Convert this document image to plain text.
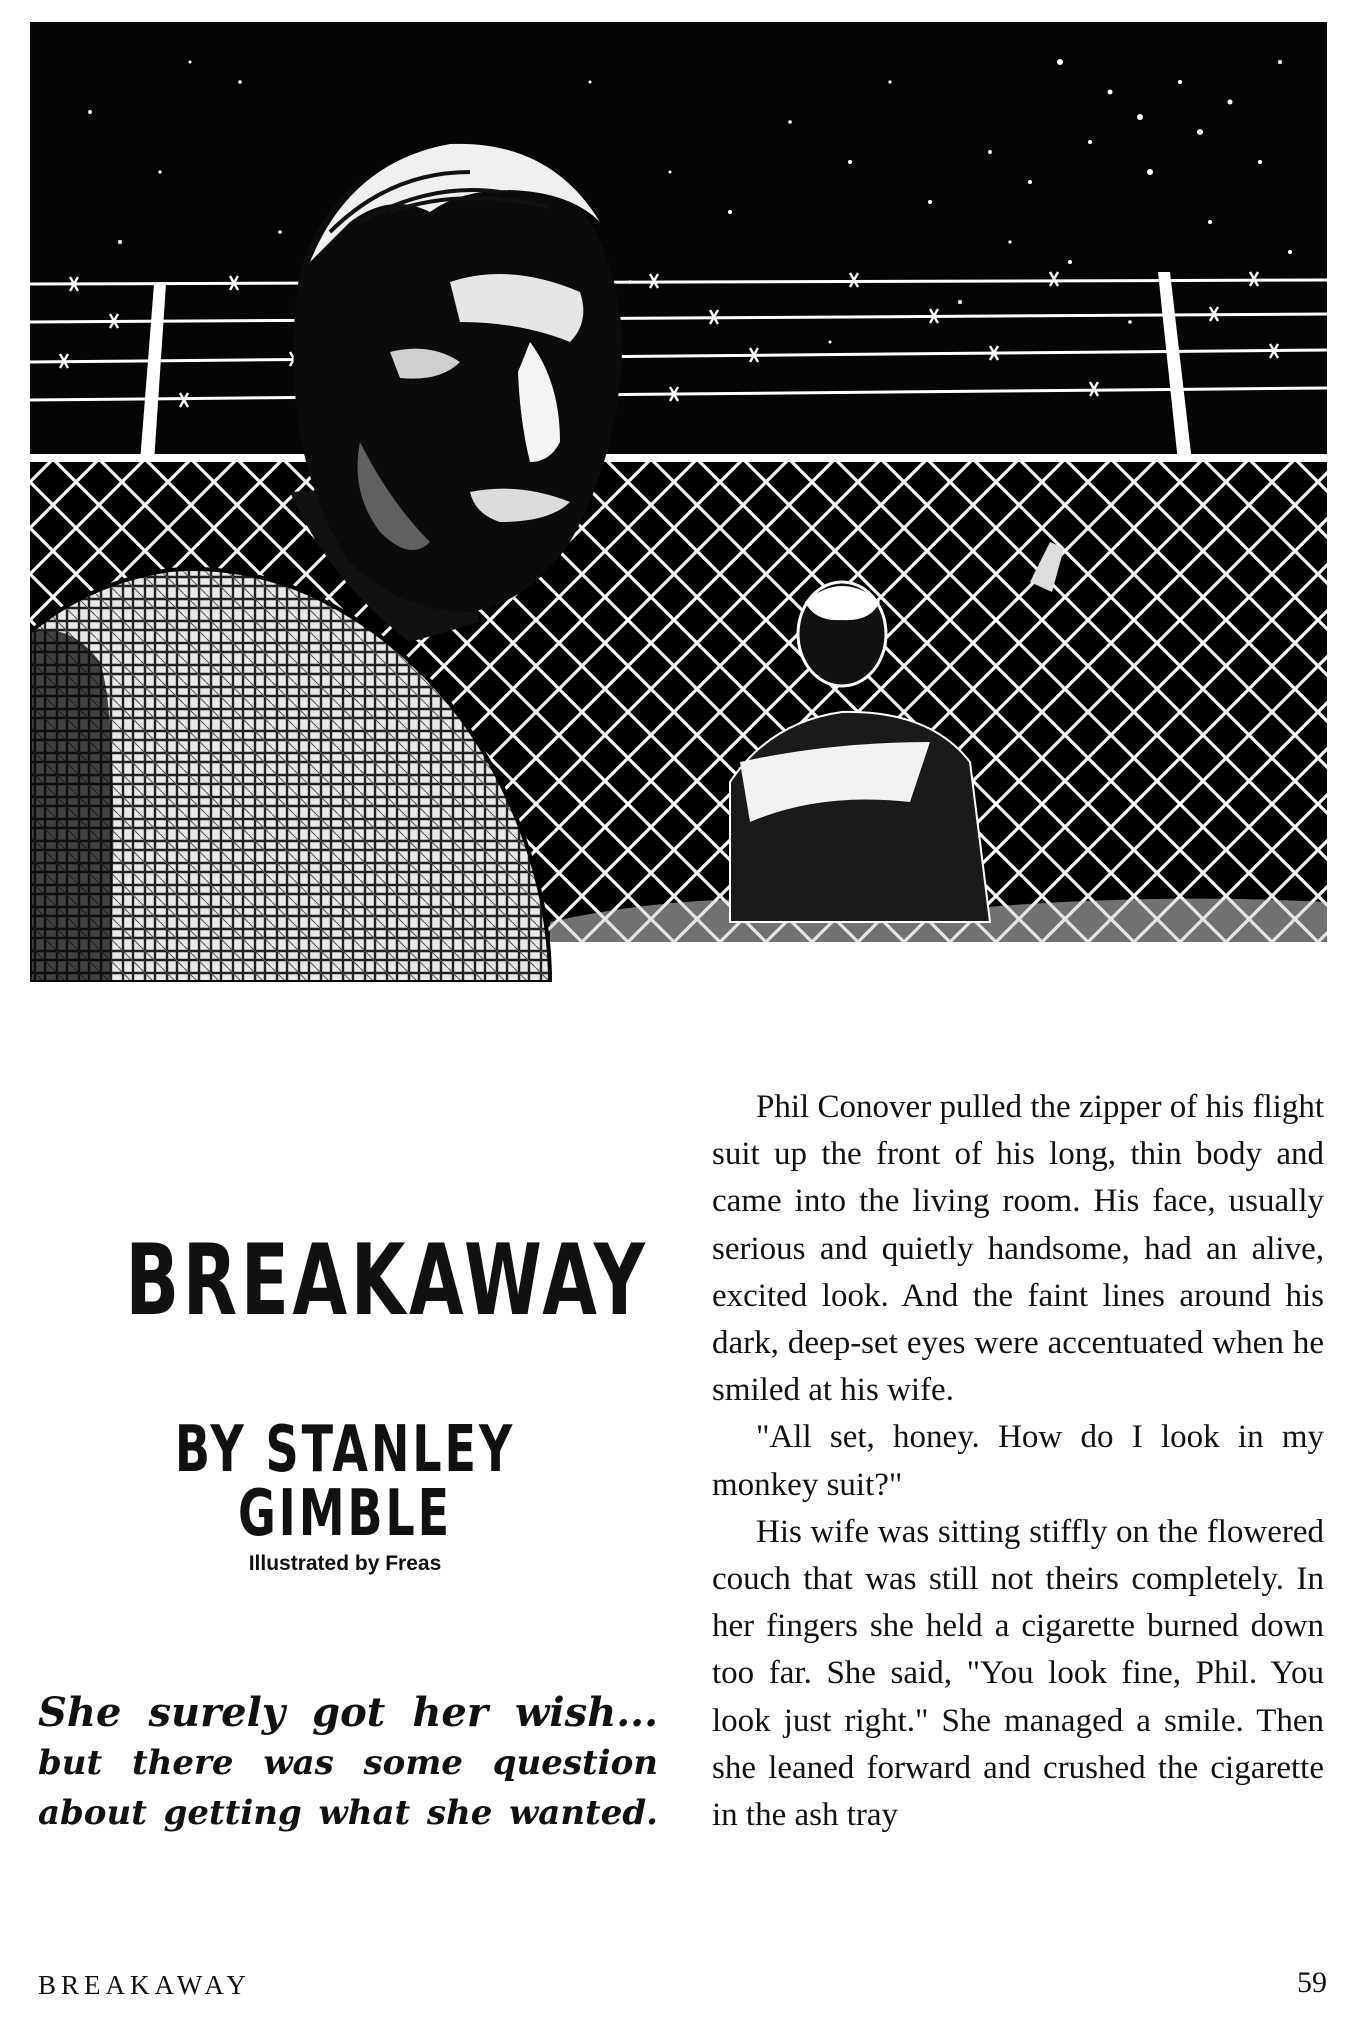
BREAKAWAY
BY STANLEY GIMBLE
Illustrated by Freas
She surely got her wish...
but there was some question about getting what she wanted.

Phil Conover pulled the zipper of his flight suit up the front of his long, thin body and came into the living room. His face, usually serious and quietly handsome, had an alive, excited look. And the faint lines around his dark, deep-set eyes were accentuated when he smiled at his wife.

"All set, honey. How do I look in my monkey suit?"

His wife was sitting stiffly on the flowered couch that was still not theirs completely. In her fingers she held a cigarette burned down too far. She said, "You look fine, Phil. You look just right." She managed a smile. Then she leaned forward and crushed the cigarette in the ash tray

BREAKAWAY	59
